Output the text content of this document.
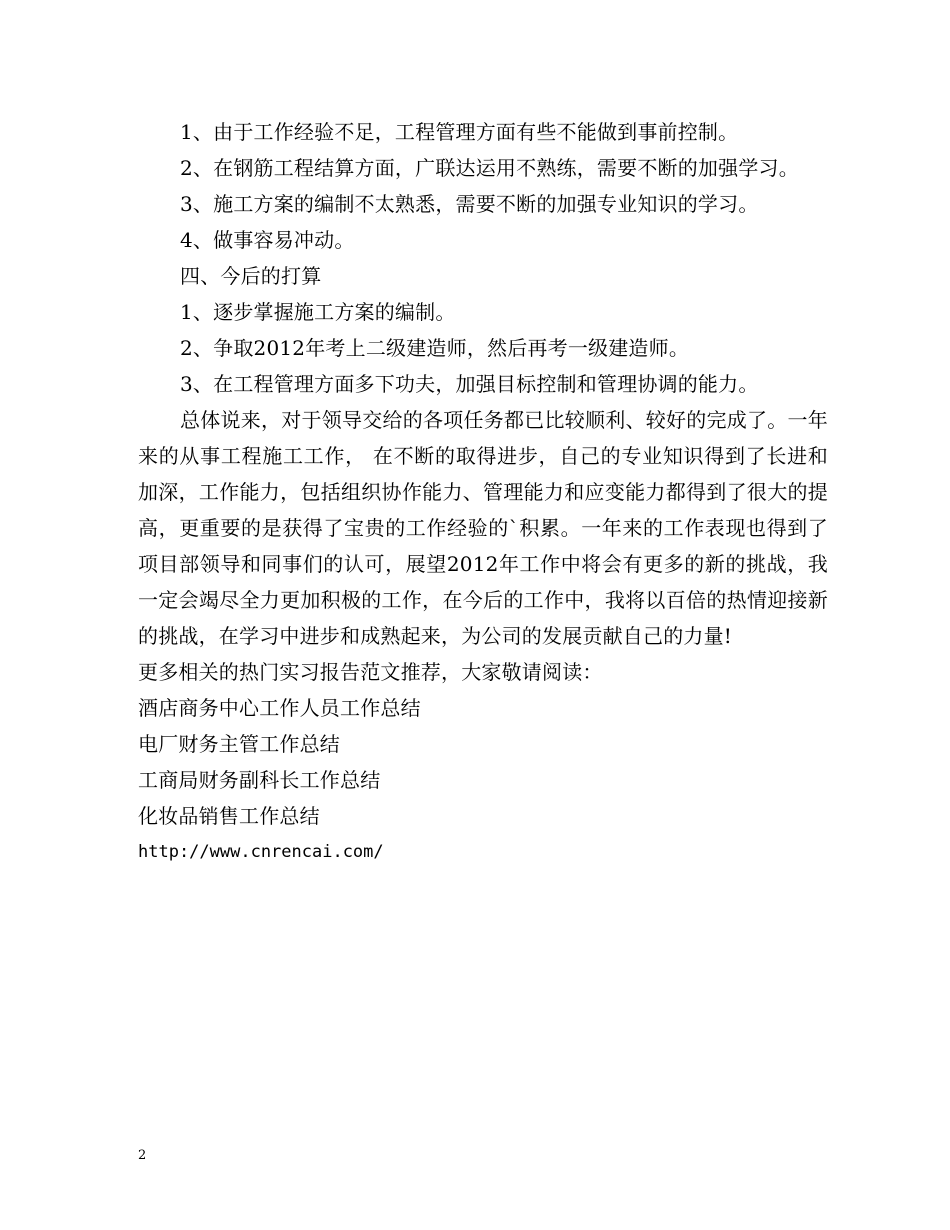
1、由于工作经验不足，工程管理方面有些不能做到事前控制。

2、在钢筋工程结算方面，广联达运用不熟练，需要不断的加强学习。

3、施工方案的编制不太熟悉，需要不断的加强专业知识的学习。

4、做事容易冲动。

四、今后的打算

1、逐步掌握施工方案的编制。

2、争取2012年考上二级建造师，然后再考一级建造师。

3、在工程管理方面多下功夫，加强目标控制和管理协调的能力。

总体说来，对于领导交给的各项任务都已比较顺利、较好的完成了。一年来的从事工程施工工作， 在不断的取得进步，自己的专业知识得到了长进和加深，工作能力，包括组织协作能力、管理能力和应变能力都得到了很大的提高，更重要的是获得了宝贵的工作经验的`积累。一年来的工作表现也得到了项目部领导和同事们的认可，展望2012年工作中将会有更多的新的挑战，我一定会竭尽全力更加积极的工作，在今后的工作中，我将以百倍的热情迎接新的挑战，在学习中进步和成熟起来，为公司的发展贡献自己的力量!

更多相关的热门实习报告范文推荐，大家敬请阅读：

酒店商务中心工作人员工作总结

电厂财务主管工作总结

工商局财务副科长工作总结

化妆品销售工作总结

http://www.cnrencai.com/

2
